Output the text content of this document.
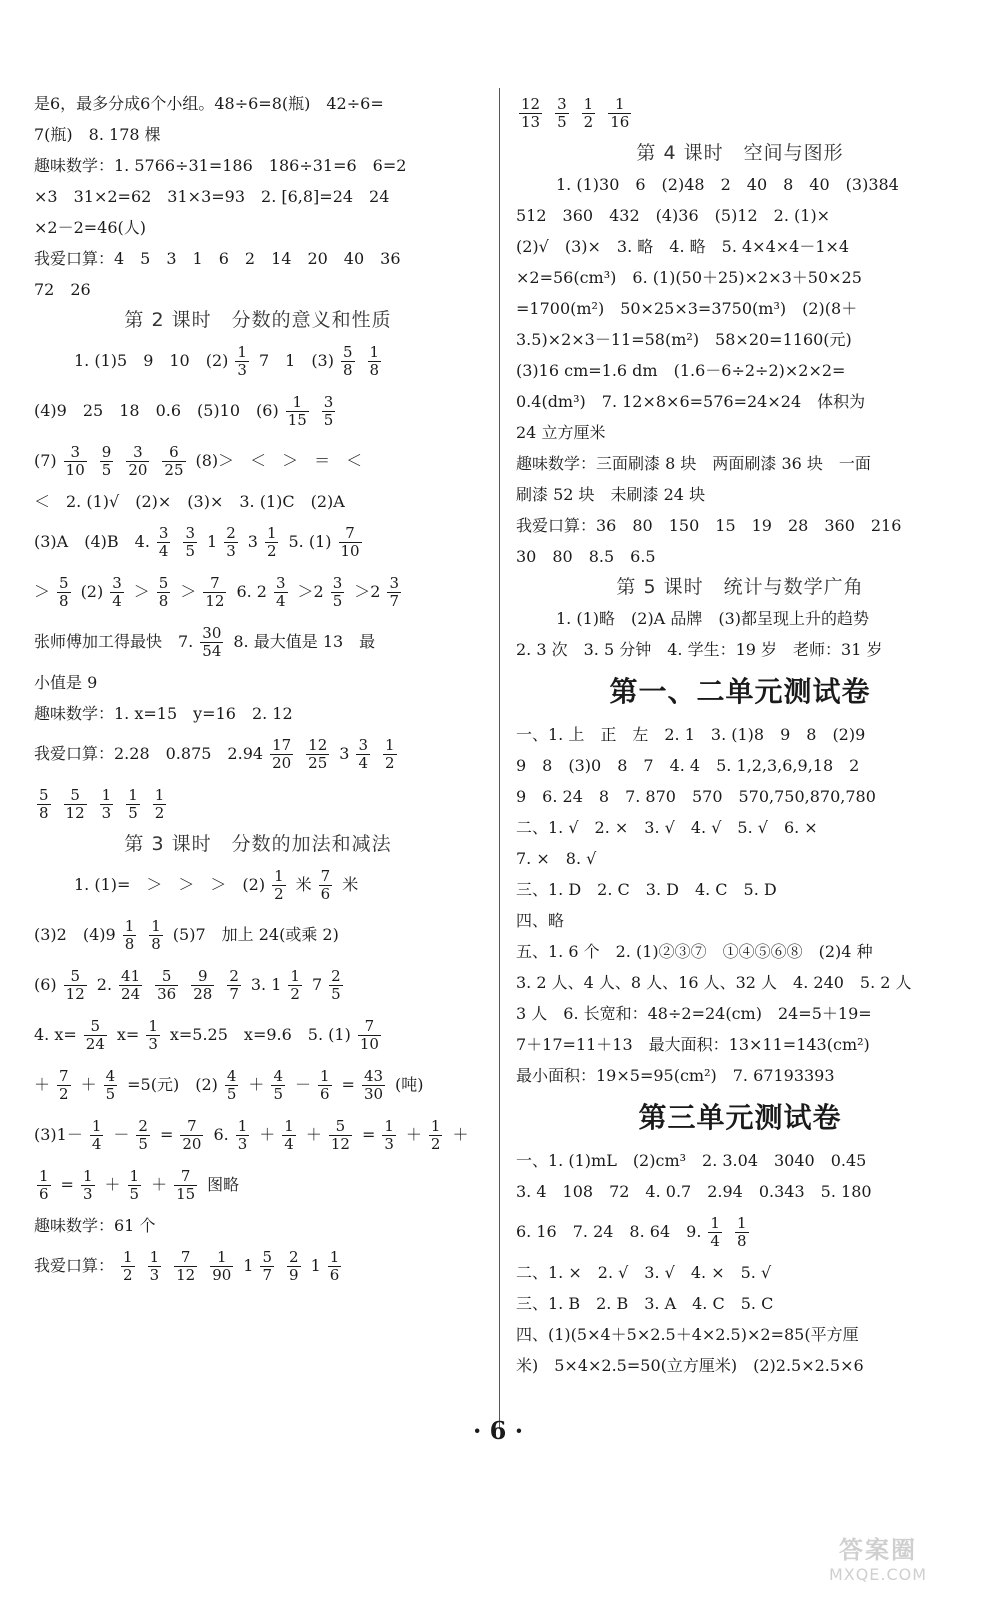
是6，最多分成6个小组。48÷6=8(瓶)　42÷6=
7(瓶)　8. 178 棵
趣味数学：1. 5766÷31=186　186÷31=6　6=2
×3　31×2=62　31×3=93　2. [6,8]=24　24
×2－2=46(人)
我爱口算：4　5　3　1　6　2　14　20　40　36
72　26
第 2 课时　分数的意义和性质
1. (1)5　9　10　$(2) \frac{1}{3} 7$　1　$(3) \frac{5}{8} \frac{1}{8}$
(4)9　25　18　0.6　(5)10　$(6) \frac{1}{15} \frac{3}{5}$
$(7) \frac{3}{10} \frac{9}{5} \frac{3}{20} \frac{6}{25} (8)>$　＜　＞　＝　＜
＜　2. (1)√　(2)×　(3)×　3. (1)C　(2)A
(3)A　(4)B　4. $\frac{3}{4} \frac{3}{5} 1 \frac{2}{3} 3 \frac{1}{2} 5$. $(1) \frac{7}{10}$
＞ $\frac{5}{8} (2) \frac{3}{4} > \frac{5}{8} > \frac{7}{12} 6$. $2 \frac{3}{4} >2 \frac{3}{5} >2 \frac{3}{7}$
张师傅加工得最快　7. $\frac{30}{54} 8$. 最大值是 13　最
小值是 9
趣味数学：1. x=15　y=16　2. 12
我爱口算：2.28　0.875　$2.94 \frac{17}{20} \frac{12}{25} 3 \frac{3}{4} \frac{1}{2}$
$\frac{5}{8} \frac{5}{12} \frac{1}{3} \frac{1}{5} \frac{1}{2}$
第 3 课时　分数的加法和减法
1. (1)=　＞　＞　＞　$(2) \frac{1}{2}$ 米 $\frac{7}{6}$ 米
(3)2　$(4)9 \frac{1}{8} \frac{1}{8} (5)7$　加上 24(或乘 2)
$(6) \frac{5}{12} 2$. $\frac{41}{24} \frac{5}{36} \frac{9}{28} \frac{2}{7} 3$. $1 \frac{1}{2} 7 \frac{2}{5}$
4. $x= \frac{5}{24} x= \frac{1}{3} x=5.25$　x=9.6　5. $(1) \frac{7}{10}$
＋ $\frac{7}{2} + \frac{4}{5} =5$(元)　$(2) \frac{4}{5} + \frac{4}{5} - \frac{1}{6} = \frac{43}{30}$ (吨)
$(3)1- \frac{1}{4} - \frac{2}{5} = \frac{7}{20} 6$. $\frac{1}{3} + \frac{1}{4} + \frac{5}{12} = \frac{1}{3} + \frac{1}{2}$ ＋
$\frac{1}{6} = \frac{1}{3} + \frac{1}{5} + \frac{7}{15}$ 图略
趣味数学：61 个
我爱口算： $\frac{1}{2} \frac{1}{3} \frac{7}{12} \frac{1}{90} 1 \frac{5}{7} \frac{2}{9} 1 \frac{1}{6}$
$\frac{12}{13} \frac{3}{5} \frac{1}{2} \frac{1}{16}$
第 4 课时　空间与图形
1. (1)30　6　(2)48　2　40　8　40　(3)384
512　360　432　(4)36　(5)12　2. (1)×
(2)√　(3)×　3. 略　4. 略　5. 4×4×4－1×4
×2=56(cm³)　6. (1)(50＋25)×2×3＋50×25
=1700(m²)　50×25×3=3750(m³)　(2)(8＋
3.5)×2×3－11=58(m²)　58×20=1160(元)
(3)16 cm=1.6 dm　(1.6－6÷2÷2)×2×2=
0.4(dm³)　7. 12×8×6=576=24×24　体积为
24 立方厘米
趣味数学：三面刷漆 8 块　两面刷漆 36 块　一面
刷漆 52 块　未刷漆 24 块
我爱口算：36　80　150　15　19　28　360　216
30　80　8.5　6.5
第 5 课时　统计与数学广角
1. (1)略　(2)A 品牌　(3)都呈现上升的趋势
2. 3 次　3. 5 分钟　4. 学生：19 岁　老师：31 岁
第一、二单元测试卷
一、1. 上　正　左　2. 1　3. (1)8　9　8　(2)9
9　8　(3)0　8　7　4. 4　5. 1,2,3,6,9,18　2
9　6. 24　8　7. 870　570　570,750,870,780
二、1. √　2. ×　3. √　4. √　5. √　6. ×
7. ×　8. √
三、1. D　2. C　3. D　4. C　5. D
四、略
五、1. 6 个　2. (1)②③⑦　①④⑤⑥⑧　(2)4 种
3. 2 人、4 人、8 人、16 人、32 人　4. 240　5. 2 人
3 人　6. 长宽和：48÷2=24(cm)　24=5＋19=
7＋17=11＋13　最大面积：13×11=143(cm²)
最小面积：19×5=95(cm²)　7. 67193393
第三单元测试卷
一、1. (1)mL　(2)cm³　2. 3.04　3040　0.45
3. 4　108　72　4. 0.7　2.94　0.343　5. 180
6. 16　7. 24　8. 64　9. $\frac{1}{4} \frac{1}{8}$
二、1. ×　2. √　3. √　4. ×　5. √
三、1. B　2. B　3. A　4. C　5. C
四、(1)(5×4＋5×2.5＋4×2.5)×2=85(平方厘
米)　5×4×2.5=50(立方厘米)　(2)2.5×2.5×6
· 6 ·
答案圈
MXQE.COM
